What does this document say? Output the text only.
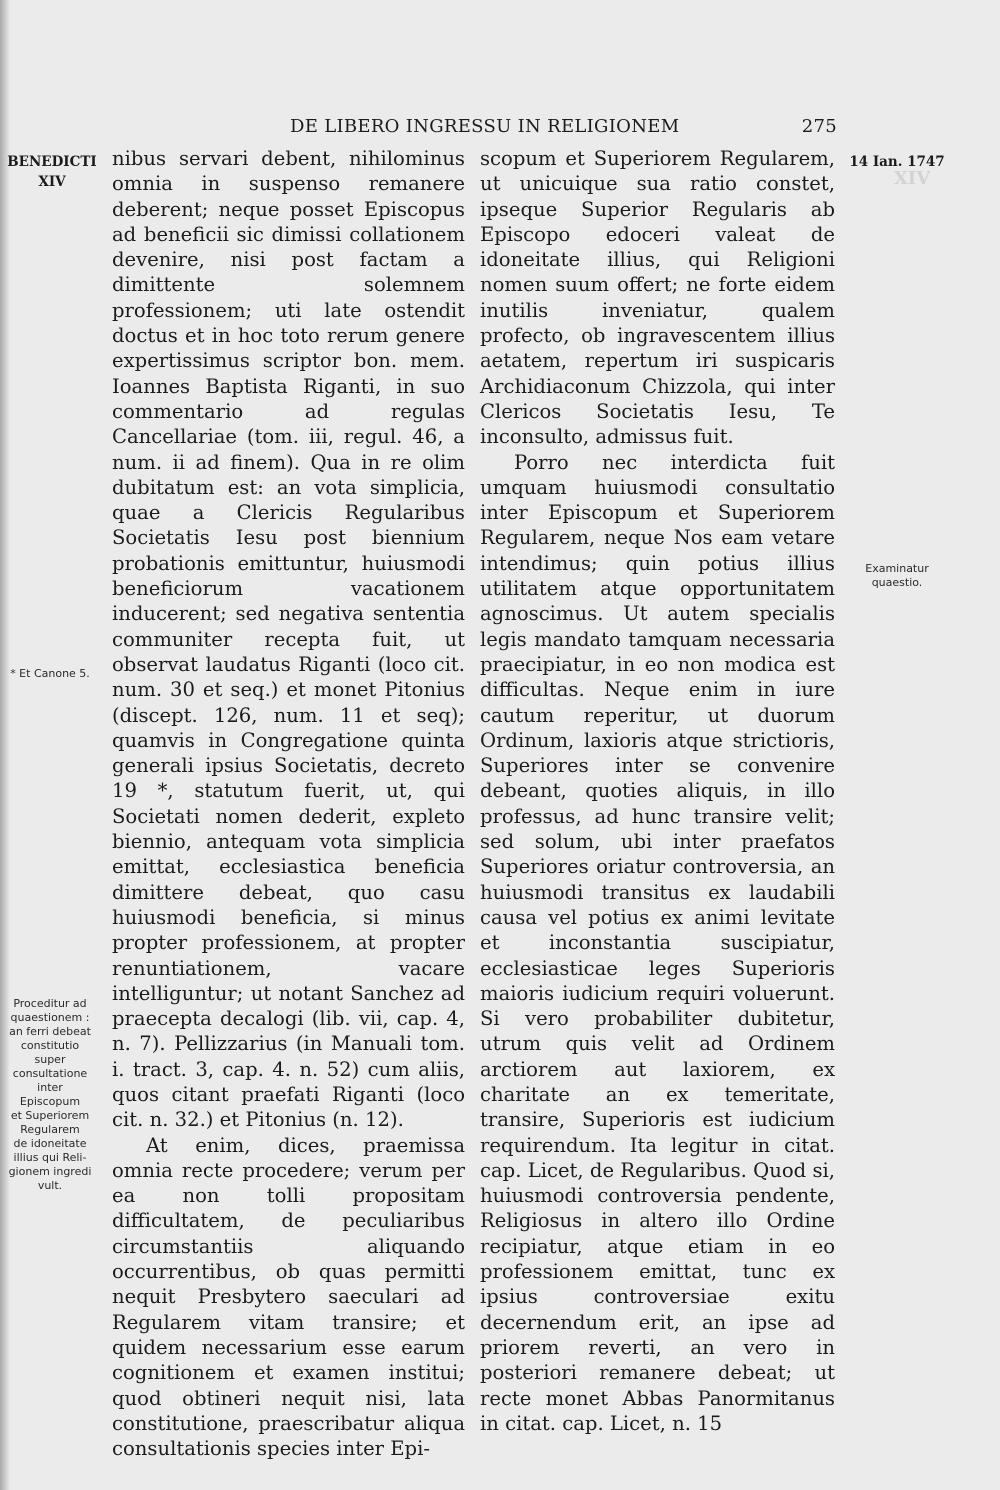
DE LIBERO INGRESSU IN RELIGIONEM	275
BENEDICTI
XIV
14 Ian. 1747
XIV

nibus servari debent, nihilominus omnia in suspenso remanere deberent; neque posset Episcopus ad beneficii sic dimissi collationem devenire, nisi post factam a dimittente solemnem professionem; uti late ostendit doctus et in hoc toto rerum genere expertissimus scriptor bon. mem. Ioannes Baptista Riganti, in suo commentario ad regulas Cancellariae (tom. iii, regul. 46, a num. ii ad finem). Qua in re olim dubitatum est: an vota simplicia, quae a Clericis Regularibus Societatis Iesu post biennium probationis emittuntur, huiusmodi beneficiorum vacationem inducerent; sed negativa sententia communiter recepta fuit, ut observat laudatus Riganti (loco cit. num. 30 et seq.) et monet Pitonius (discept. 126, num. 11 et seq); quamvis in Congregatione quinta generali ipsius Societatis, decreto 19 *, statutum fuerit, ut, qui Societati nomen dederit, expleto biennio, antequam vota simplicia emittat, ecclesiastica beneficia dimittere debeat, quo casu huiusmodi beneficia, si minus propter professionem, at propter renuntiationem, vacare intelliguntur; ut notant Sanchez ad praecepta decalogi (lib. vii, cap. 4, n. 7). Pellizzarius (in Manuali tom. i. tract. 3, cap. 4. n. 52) cum aliis, quos citant praefati Riganti (loco cit. n. 32.) et Pitonius (n. 12).

At enim, dices, praemissa omnia recte procedere; verum per ea non tolli propositam difficultatem, de peculiaribus circumstantiis aliquando occurrentibus, ob quas permitti nequit Presbytero saeculari ad Regularem vitam transire; et quidem necessarium esse earum cognitionem et examen institui; quod obtineri nequit nisi, lata constitutione, praescribatur aliqua consultationis species inter Epi-

scopum et Superiorem Regularem, ut unicuique sua ratio constet, ipseque Superior Regularis ab Episcopo edoceri valeat de idoneitate illius, qui Religioni nomen suum offert; ne forte eidem inutilis inveniatur, qualem profecto, ob ingravescentem illius aetatem, repertum iri suspicaris Archidiaconum Chizzola, qui inter Clericos Societatis Iesu, Te inconsulto, admissus fuit.

Porro nec interdicta fuit umquam huiusmodi consultatio inter Episcopum et Superiorem Regularem, neque Nos eam vetare intendimus; quin potius illius utilitatem atque opportunitatem agnoscimus. Ut autem specialis legis mandato tamquam necessaria praecipiatur, in eo non modica est difficultas. Neque enim in iure cautum reperitur, ut duorum Ordinum, laxioris atque strictioris, Superiores inter se convenire debeant, quoties aliquis, in illo professus, ad hunc transire velit; sed solum, ubi inter praefatos Superiores oriatur controversia, an huiusmodi transitus ex laudabili causa vel potius ex animi levitate et inconstantia suscipiatur, ecclesiasticae leges Superioris maioris iudicium requiri voluerunt. Si vero probabiliter dubitetur, utrum quis velit ad Ordinem arctiorem aut laxiorem, ex charitate an ex temeritate, transire, Superioris est iudicium requirendum. Ita legitur in citat. cap. Licet, de Regularibus. Quod si, huiusmodi controversia pendente, Religiosus in altero illo Ordine recipiatur, atque etiam in eo professionem emittat, tunc ex ipsius controversiae exitu decernendum erit, an ipse ad priorem reverti, an vero in posteriori remanere debeat; ut recte monet Abbas Panormitanus in citat. cap. Licet, n. 15

* Et Canone 5.
Proceditur ad
quaestionem :
an ferri debeat
constitutio
super
consultatione
inter
Episcopum
et Superiorem
Regularem
de idoneitate
illius qui Reli-
gionem ingredi
vult.
Examinatur
quaestio.
